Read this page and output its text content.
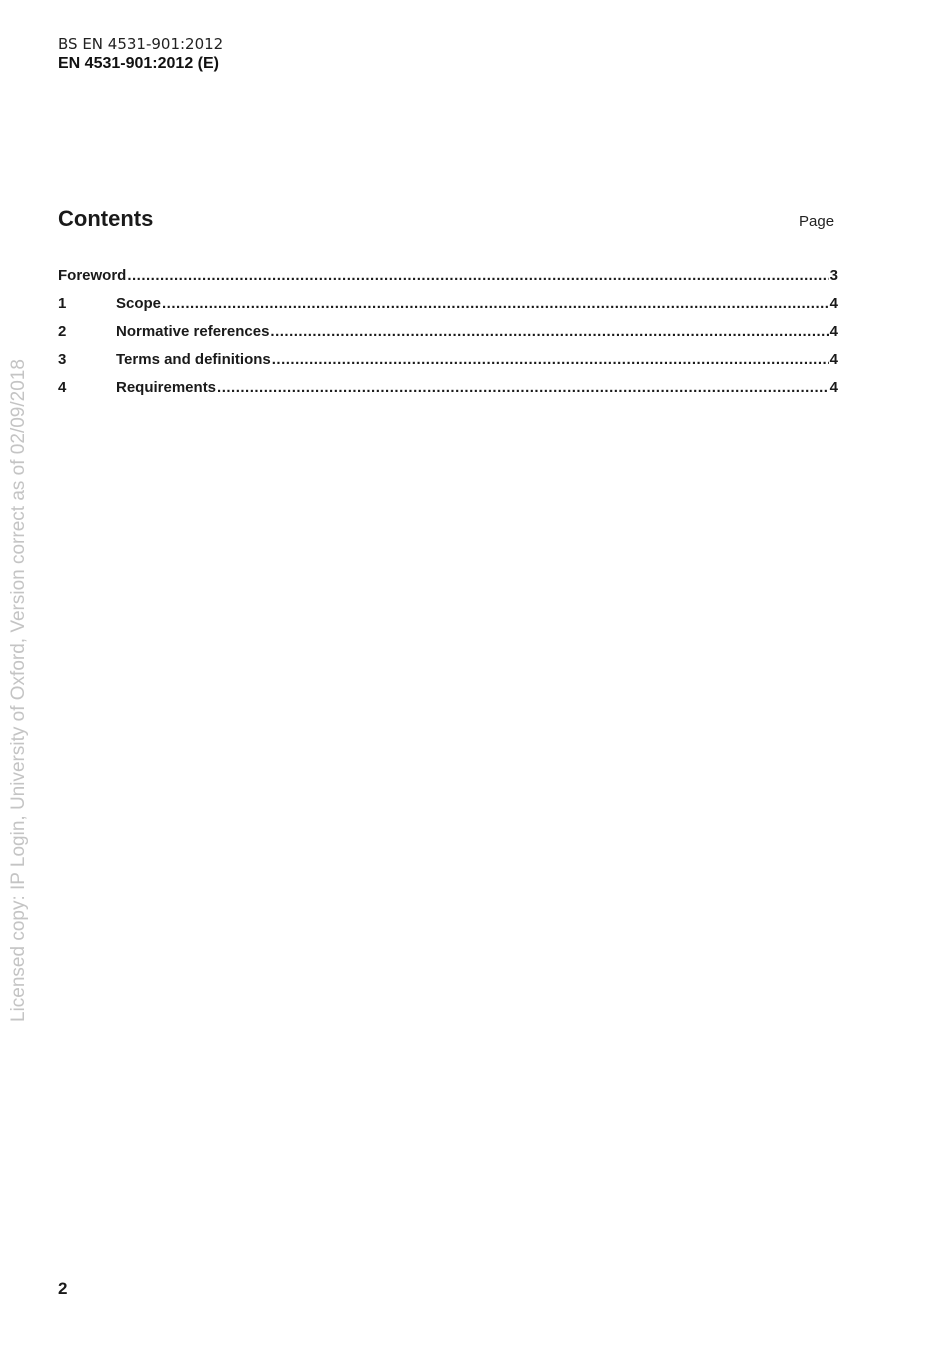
BS EN 4531-901:2012
EN 4531-901:2012 (E)
Contents	Page
Foreword .....	3
1	Scope .....	4
2	Normative references .....	4
3	Terms and definitions .....	4
4	Requirements .....	4
Licensed copy: IP Login, University of Oxford, Version correct as of 02/09/2018
2
